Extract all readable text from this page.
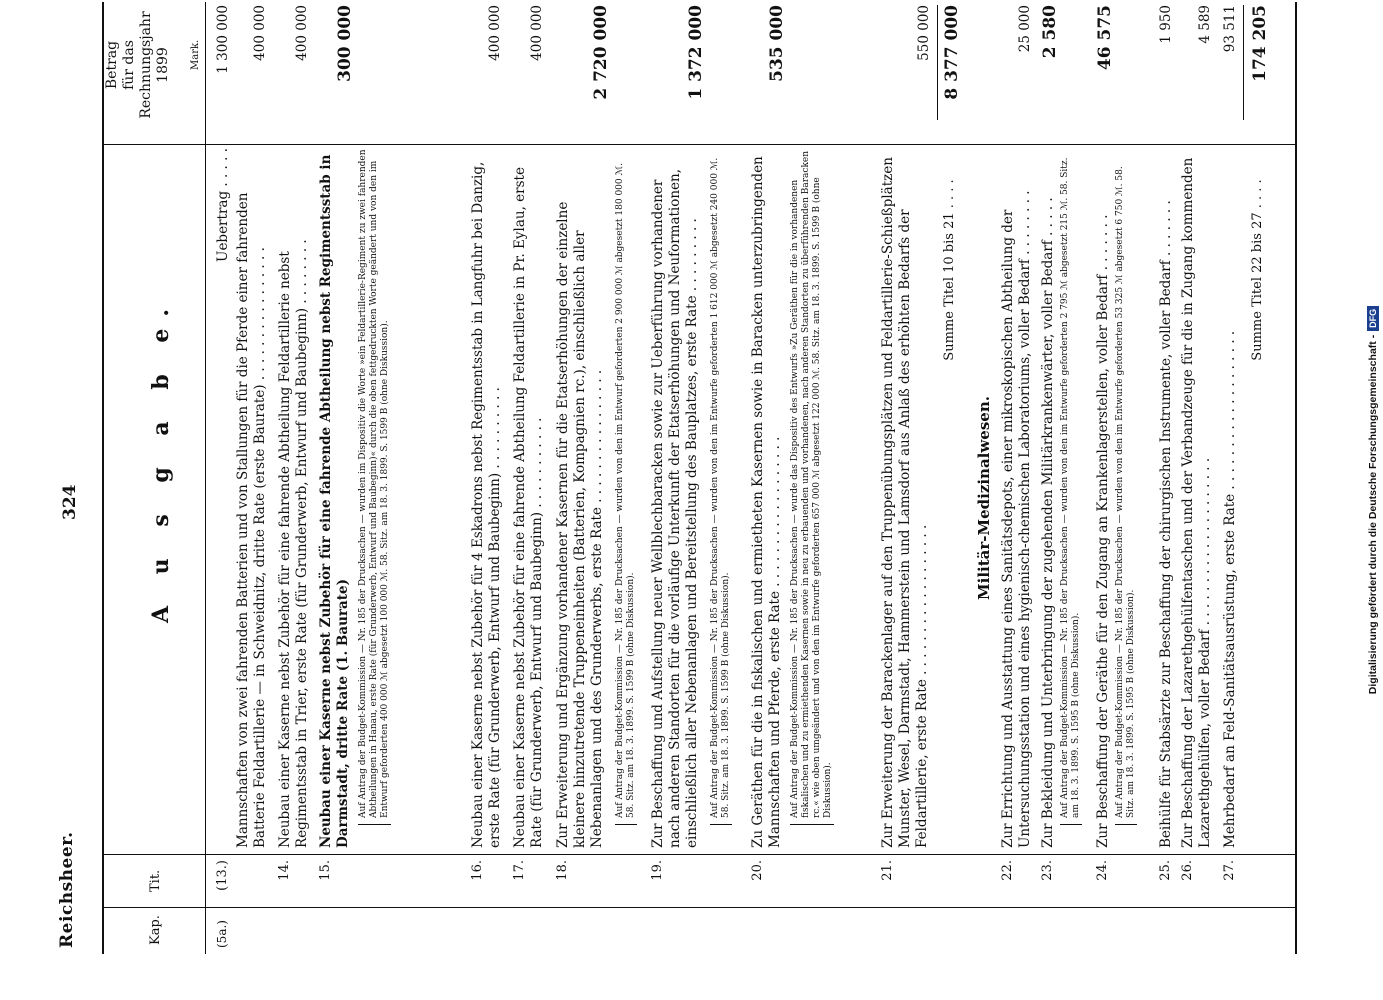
Reichsheer.
324
Kap.
Tit.
A u s g a b e.
Betrag für das Rechnungsjahr 1899 Mark.
(5a.)
(13.)
Uebertrag . . . . .
1 300 000
Mannschaften von zwei fahrenden Batterien und von Stallungen für die Pferde einer fahrenden Batterie Feldartillerie — in Schweidnitz, dritte Rate (erste Baurate) . . . . . . . . . . . . . . . .
400 000
14.
Neubau einer Kaserne nebst Zubehör für eine fahrende Abtheilung Feldartillerie nebst Regimentsstab in Trier, erste Rate (für Grunderwerb, Entwurf und Baubeginn) . . . . . . . .
400 000
15.
Neubau einer Kaserne nebst Zubehör für eine fahrende Abtheilung nebst Regimentsstab in Darmstadt, dritte Rate (1. Baurate) Auf Antrag der Budget-Kommission — Nr. 185 der Drucksachen — wurden im Dispositiv die Worte »ein Feldartillerie-Regiment zu zwei fahrenden Abtheilungen in Hanau, erste Rate (für Grunderwerb, Entwurf und Baubeginn)« durch die oben fettgedruckten Worte geändert und von den im Entwurf geforderten 400 000 ℳ abgesetzt 100 000 ℳ. 58. Sitz. am 18. 3. 1899. S. 1599 B (ohne Diskussion).
300 000
16.
Neubau einer Kaserne nebst Zubehör für 4 Eskadrons nebst Regimentsstab in Langfuhr bei Danzig, erste Rate (für Grunderwerb, Entwurf und Baubeginn) . . . . . . . . . .
400 000
17.
Neubau einer Kaserne nebst Zubehör für eine fahrende Abtheilung Feldartillerie in Pr. Eylau, erste Rate (für Grunderwerb, Entwurf und Baubeginn) . . . . . . . . . . .
400 000
18.
Zur Erweiterung und Ergänzung vorhandener Kasernen für die Etatserhöhungen der einzelne kleinere hinzutretende Truppeneinheiten (Batterien, Kompagnien rc.), einschließlich aller Nebenanlagen und des Grunderwerbs, erste Rate . . . . . . . . . . . . . . . . Auf Antrag der Budget-Kommission — Nr. 185 der Drucksachen — wurden von den im Entwurf geforderten 2 900 000 ℳ abgesetzt 180 000 ℳ. 58. Sitz. am 18. 3. 1899. S. 1599 B (ohne Diskussion).
2 720 000
19.
Zur Beschaffung und Aufstellung neuer Wellblechbaracken sowie zur Ueberführung vorhandener nach anderen Standorten für die vorläufige Unterkunft der Etatserhöhungen und Neuformationen, einschließlich aller Nebenanlagen und Bereitstellung des Bauplatzes, erste Rate . . . . . . . . . Auf Antrag der Budget-Kommission — Nr. 185 der Drucksachen — wurden von den im Entwurfe geforderten 1 612 000 ℳ abgesetzt 240 000 ℳ. 58. Sitz. am 18. 3. 1899. S. 1599 B (ohne Diskussion).
1 372 000
20.
Zu Geräthen für die in fiskalischen und ermietheten Kasernen sowie in Baracken unterzubringenden Mannschaften und Pferde, erste Rate . . . . . . . . . . . . . . . . . . Auf Antrag der Budget-Kommission — Nr. 185 der Drucksachen — wurde das Dispositiv des Entwurfs »Zu Geräthen für die in vorhandenen fiskalischen und zu ermiethenden Kasernen sowie in neu zu erbauenden und vorhandenen, nach anderen Standorten zu überführenden Baracken rc.« wie oben umgeändert und von den im Entwurfe geforderten 657 000 ℳ abgesetzt 122 000 ℳ. 58. Sitz. am 18. 3. 1899. S. 1599 B (ohne Diskussion).
535 000
21.
Zur Erweiterung der Barackenlager auf den Truppenübungsplätzen und Feldartillerie-Schießplätzen Munster, Wesel, Darmstadt, Hammerstein und Lamsdorf aus Anlaß des erhöhten Bedarfs der Feldartillerie, erste Rate . . . . . . . . . . . . . . . . . .
550 000
Summe Titel 10 bis 21 . . . .
8 377 000
Militär-Medizinalwesen.
22.
Zur Errichtung und Ausstattung eines Sanitätsdepots, einer mikroskopischen Abtheilung der Untersuchungsstation und eines hygienisch-chemischen Laboratoriums, voller Bedarf . . . . . . . .
25 000
23.
Zur Bekleidung und Unterbringung der zugehenden Militärkrankenwärter, voller Bedarf . . . . . Auf Antrag der Budget-Kommission — Nr. 185 der Drucksachen — wurden von den im Entwurfe geforderten 2 795 ℳ abgesetzt 215 ℳ. 58. Sitz. am 18. 3. 1899. S. 1595 B (ohne Diskussion).
2 580
24.
Zur Beschaffung der Geräthe für den Zugang an Krankenlagerstellen, voller Bedarf . . . . . . . Auf Antrag der Budget-Kommission — Nr. 185 der Drucksachen — wurden von den im Entwurfe geforderten 53 325 ℳ abgesetzt 6 750 ℳ. 58. Sitz. am 18. 3. 1899. S. 1595 B (ohne Diskussion).
46 575
25.
Beihülfe für Stabsärzte zur Beschaffung der chirurgischen Instrumente, voller Bedarf . . . . . . .
1 950
26.
Zur Beschaffung der Lazarethgehülfentaschen und der Verbandzeuge für die in Zugang kommenden Lazarethgehülfen, voller Bedarf . . . . . . . . . . . . . . . . . . . .
4 589
27.
Mehrbedarf an Feld-Sanitätsausrüstung, erste Rate . . . . . . . . . . . . . . . . . . .
93 511
Summe Titel 22 bis 27 . . . .
174 205
Digitalisierung gefördert durch die Deutsche Forschungsgemeinschaft -DFG
